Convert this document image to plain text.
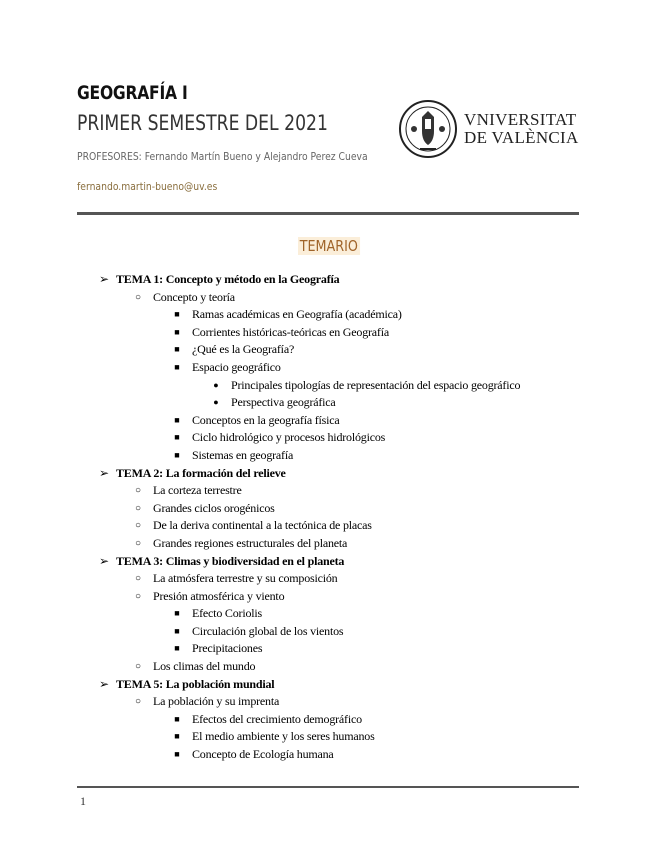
GEOGRAFÍA I
PRIMER SEMESTRE DEL 2021
PROFESORES: Fernando Martín Bueno y Alejandro Perez Cueva
fernando.martin-bueno@uv.es
VNIVERSITAT
DE VALÈNCIA
TEMARIO
➢ TEMA 1: Concepto y método en la Geografía
○ Concepto y teoría
■ Ramas académicas en Geografía (académica)
■ Corrientes históricas-teóricas en Geografía
■ ¿Qué es la Geografía?
■ Espacio geográfico
● Principales tipologías de representación del espacio geográfico
● Perspectiva geográfica
■ Conceptos en la geografía física
■ Ciclo hidrológico y procesos hidrológicos
■ Sistemas en geografía
➢ TEMA 2: La formación del relieve
○ La corteza terrestre
○ Grandes ciclos orogénicos
○ De la deriva continental a la tectónica de placas
○ Grandes regiones estructurales del planeta
➢ TEMA 3: Climas y biodiversidad en el planeta
○ La atmósfera terrestre y su composición
○ Presión atmosférica y viento
■ Efecto Coriolis
■ Circulación global de los vientos
■ Precipitaciones
○ Los climas del mundo
➢ TEMA 5: La población mundial
○ La población y su imprenta
■ Efectos del crecimiento demográfico
■ El medio ambiente y los seres humanos
■ Concepto de Ecología humana
1
